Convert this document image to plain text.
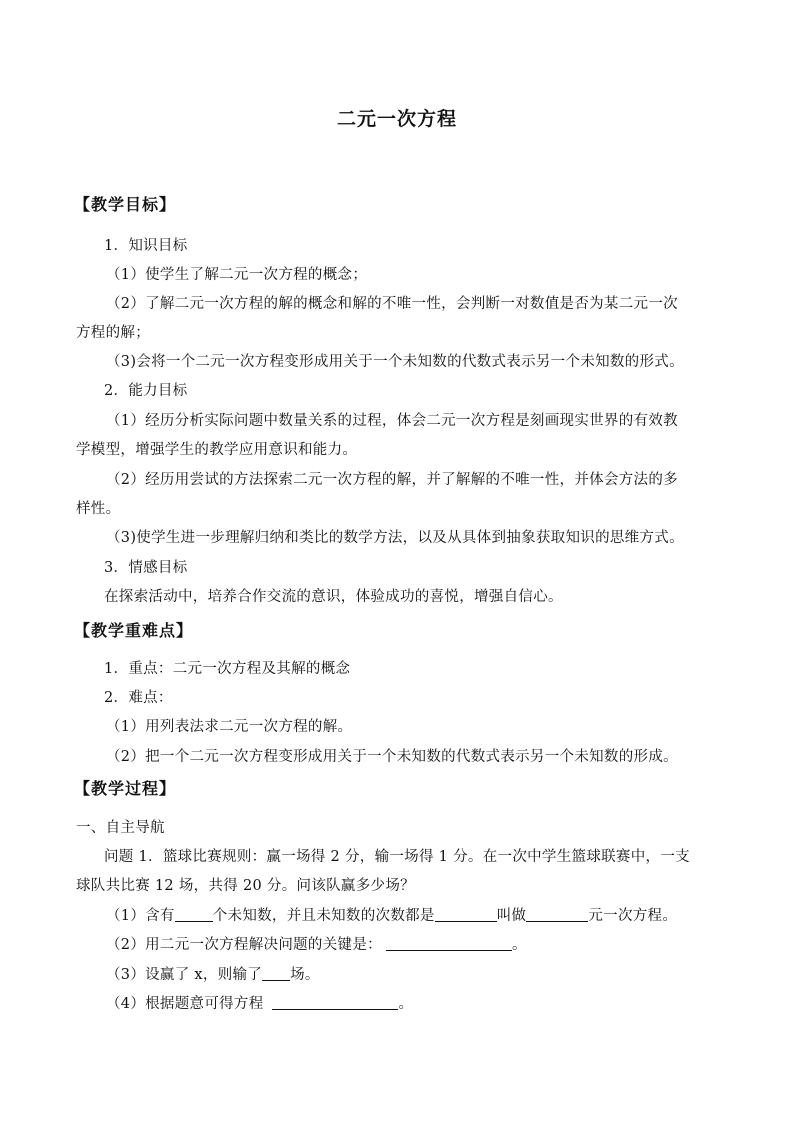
二元一次方程
【教学目标】
1．知识目标
（1）使学生了解二元一次方程的概念；
（2）了解二元一次方程的解的概念和解的不唯一性，会判断一对数值是否为某二元一次
方程的解；
（3)会将一个二元一次方程变形成用关于一个未知数的代数式表示另一个未知数的形式。
2．能力目标
（1）经历分析实际问题中数量关系的过程，体会二元一次方程是刻画现实世界的有效教
学模型，增强学生的教学应用意识和能力。
（2）经历用尝试的方法探索二元一次方程的解，并了解解的不唯一性，并体会方法的多
样性。
（3)使学生进一步理解归纳和类比的数学方法，以及从具体到抽象获取知识的思维方式。
3．情感目标
在探索活动中，培养合作交流的意识，体验成功的喜悦，增强自信心。
【教学重难点】
1．重点：二元一次方程及其解的概念
2．难点：
（1）用列表法求二元一次方程的解。
（2）把一个二元一次方程变形成用关于一个未知数的代数式表示另一个未知数的形成。
【教学过程】
一、自主导航
问题 1．篮球比赛规则：赢一场得 2 分，输一场得 1 分。在一次中学生篮球联赛中，一支
球队共比赛 12 场，共得 20 分。问该队赢多少场？
（1）含有	个未知数，并且未知数的次数都是	叫做	元一次方程。
（2）用二元一次方程解决问题的关键是：	。
（3）设赢了 x，则输了 场。
（4）根据题意可得方程	。
